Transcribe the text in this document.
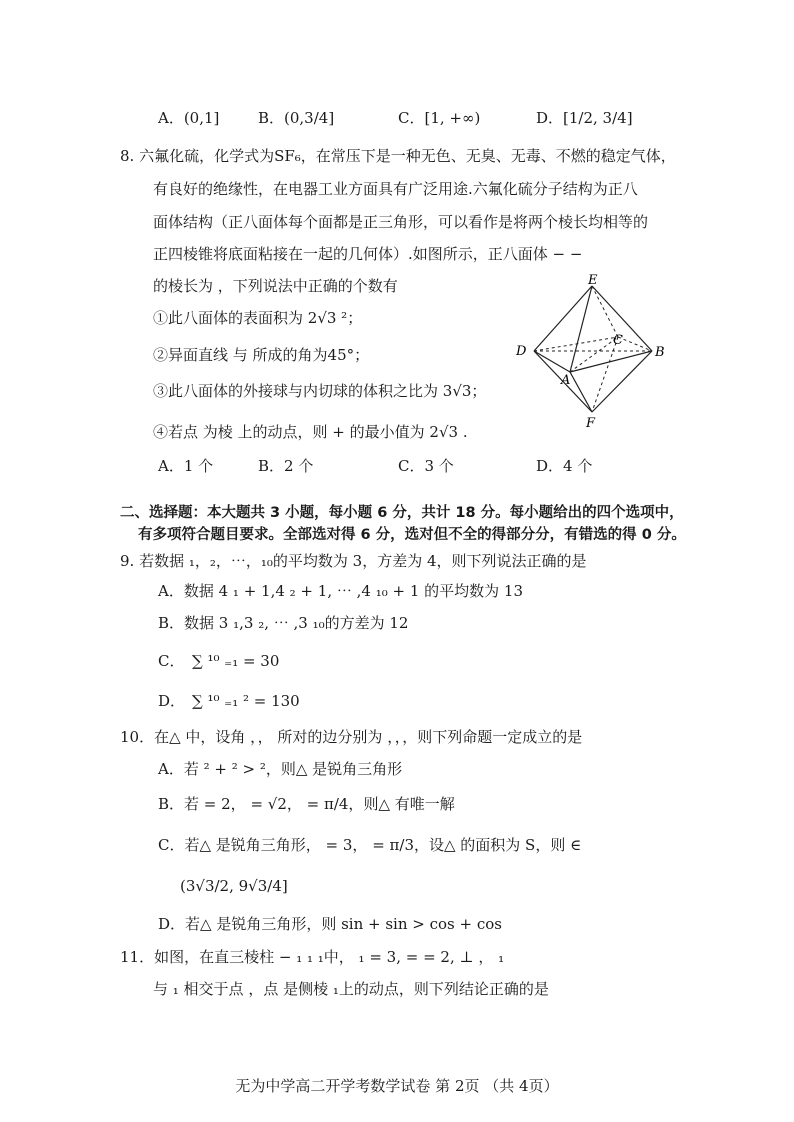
A．(0,1]	B．(0,3/4]	C．[1, +∞)	D．[1/2, 3/4]
8. 六氟化硫，化学式为SF₆，在常压下是一种无色、无臭、无毒、不燃的稳定气体，
有良好的绝缘性，在电器工业方面具有广泛用途.六氟化硫分子结构为正八
面体结构（正八面体每个面都是正三角形，可以看作是将两个棱长均相等的
正四棱锥将底面粘接在一起的几何体）.如图所示，正八面体 − −
的棱长为 ，下列说法中正确的个数有
①此八面体的表面积为 2√3 ²；
②异面直线 与 所成的角为45°；
③此八面体的外接球与内切球的体积之比为 3√3；
④若点 为棱 上的动点，则 + 的最小值为 2√3 .
E
C
D	B
A
F
A．1 个	B．2 个	C．3 个	D．4 个
二、选择题：本大题共 3 小题，每小题 6 分，共计 18 分。每小题给出的四个选项中，
有多项符合题目要求。全部选对得 6 分，选对但不全的得部分分，有错选的得 0 分。
9. 若数据 ₁，₂，⋯，₁₀的平均数为 3，方差为 4，则下列说法正确的是
A．数据 4 ₁ + 1,4 ₂ + 1, ⋯ ,4 ₁₀ + 1 的平均数为 13
B．数据 3 ₁,3 ₂, ⋯ ,3 ₁₀的方差为 12
C． ∑ ¹⁰ ₌₁ = 30
D． ∑ ¹⁰ ₌₁ ² = 130
10．在△ 中，设角 ，， 所对的边分别为 ，，，则下列命题一定成立的是
A．若 ² + ² > ²，则△ 是锐角三角形
B．若 = 2， = √2， = π/4，则△ 有唯一解
C．若△ 是锐角三角形， = 3， = π/3，设△ 的面积为 S，则 ∈
(3√3/2, 9√3/4]
D．若△ 是锐角三角形，则 sin + sin > cos + cos
11．如图，在直三棱柱 − ₁ ₁ ₁中， ₁ = 3, = = 2, ⊥ ， ₁
与 ₁ 相交于点 ，点 是侧棱 ₁上的动点，则下列结论正确的是
无为中学高二开学考数学试卷 第 2页 （共 4页）
